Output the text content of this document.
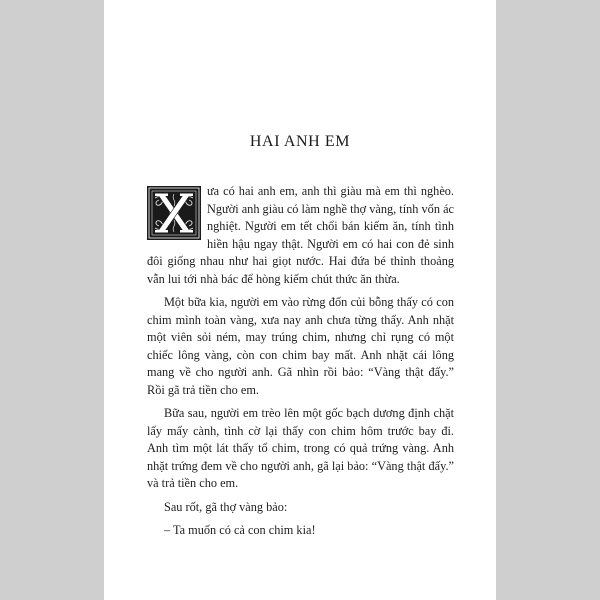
HAI ANH EM

ưa có hai anh em, anh thì giàu mà em thì nghèo. Người anh giàu có làm nghề thợ vàng, tính vốn ác nghiệt. Người em tết chổi bán kiếm ăn, tính tình hiền hậu ngay thật. Người em có hai con đẻ sinh đôi giống nhau như hai giọt nước. Hai đứa bé thỉnh thoảng vẫn lui tới nhà bác để hòng kiếm chút thức ăn thừa.

Một bữa kia, người em vào rừng đốn củi bỗng thấy có con chim mình toàn vàng, xưa nay anh chưa từng thấy. Anh nhặt một viên sỏi ném, may trúng chim, nhưng chỉ rụng có một chiếc lông vàng, còn con chim bay mất. Anh nhặt cái lông mang về cho người anh. Gã nhìn rồi bảo: “Vàng thật đấy.” Rồi gã trả tiền cho em.

Bữa sau, người em trèo lên một gốc bạch dương định chặt lấy mấy cành, tình cờ lại thấy con chim hôm trước bay đi. Anh tìm một lát thấy tổ chim, trong có quả trứng vàng. Anh nhặt trứng đem về cho người anh, gã lại bảo: “Vàng thật đấy.” và trả tiền cho em.

Sau rốt, gã thợ vàng bảo:

– Ta muốn có cả con chim kia!
